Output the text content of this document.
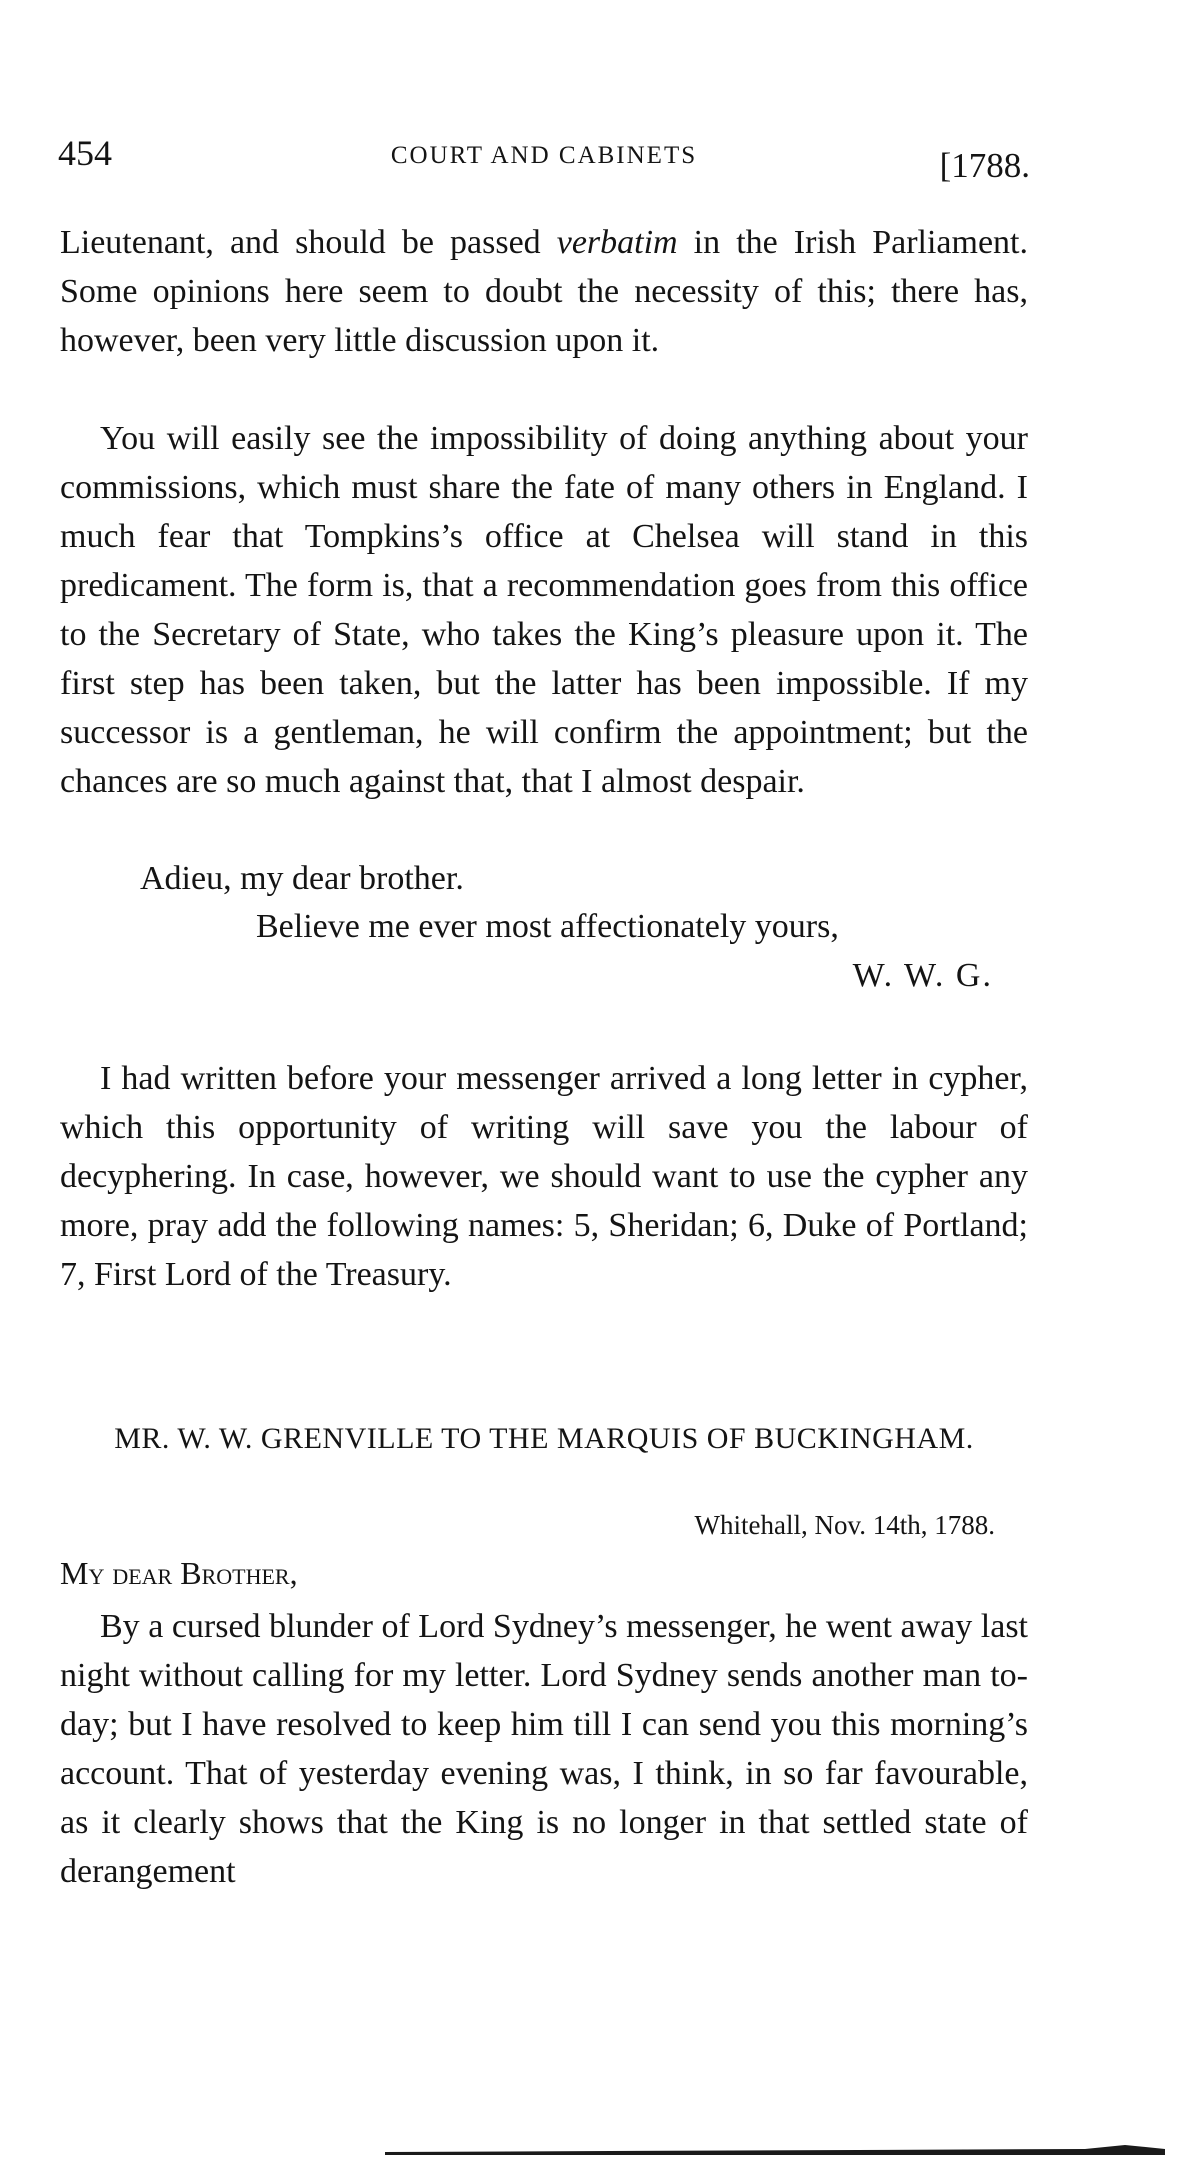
454	COURT AND CABINETS	[1788.

Lieutenant, and should be passed verbatim in the Irish Parliament. Some opinions here seem to doubt the necessity of this; there has, however, been very little discussion upon it.

You will easily see the impossibility of doing anything about your commissions, which must share the fate of many others in England. I much fear that Tompkins’s office at Chelsea will stand in this predicament. The form is, that a recommendation goes from this office to the Secretary of State, who takes the King’s pleasure upon it. The first step has been taken, but the latter has been impossible. If my successor is a gentleman, he will confirm the appointment; but the chances are so much against that, that I almost despair.

Adieu, my dear brother.
Believe me ever most affectionately yours,
W. W. G.

I had written before your messenger arrived a long letter in cypher, which this opportunity of writing will save you the labour of decyphering. In case, however, we should want to use the cypher any more, pray add the following names: 5, Sheridan; 6, Duke of Portland; 7, First Lord of the Treasury.

MR. W. W. GRENVILLE TO THE MARQUIS OF BUCKINGHAM.
Whitehall, Nov. 14th, 1788.
My dear Brother,

By a cursed blunder of Lord Sydney’s messenger, he went away last night without calling for my letter. Lord Sydney sends another man to-day; but I have resolved to keep him till I can send you this morning’s account. That of yesterday evening was, I think, in so far favourable, as it clearly shows that the King is no longer in that settled state of derangement
